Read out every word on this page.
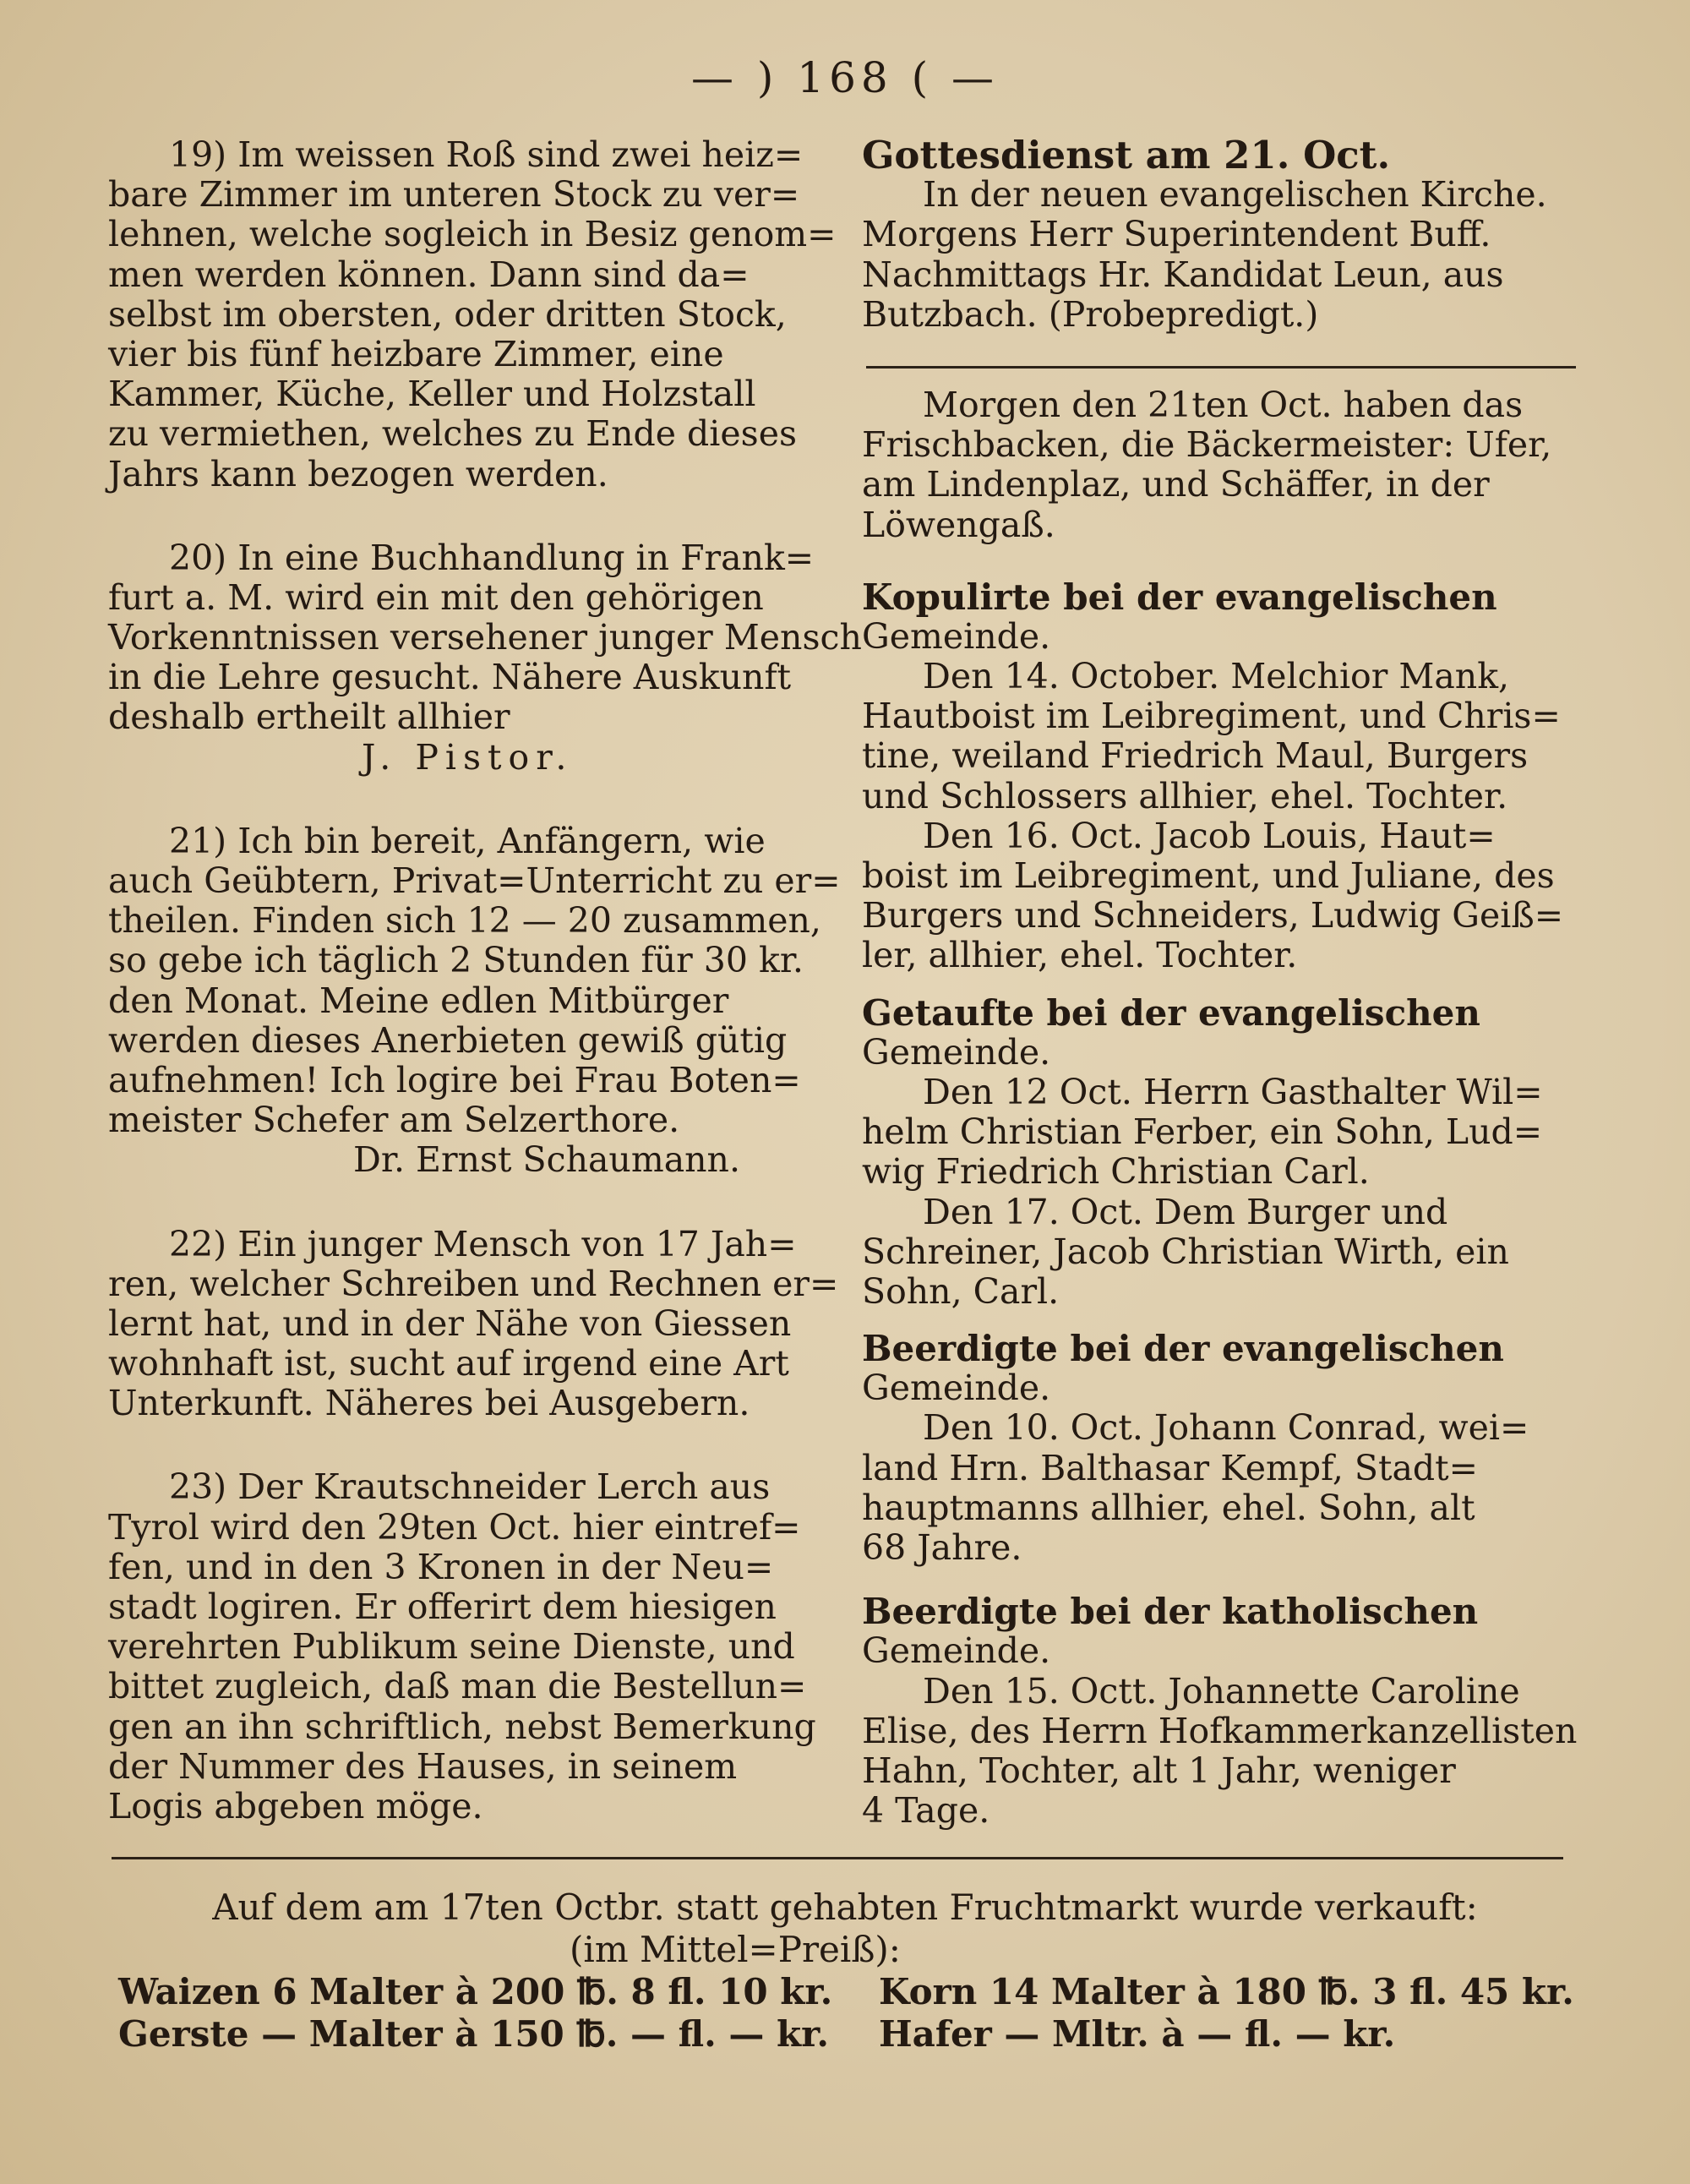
— ) 168 ( —
19) Im weissen Roß sind zwei heiz=
bare Zimmer im unteren Stock zu ver=
lehnen, welche sogleich in Besiz genom=
men werden können. Dann sind da=
selbst im obersten, oder dritten Stock,
vier bis fünf heizbare Zimmer, eine
Kammer, Küche, Keller und Holzstall
zu vermiethen, welches zu Ende dieses
Jahrs kann bezogen werden.
20) In eine Buchhandlung in Frank=
furt a. M. wird ein mit den gehörigen
Vorkenntnissen versehener junger Mensch
in die Lehre gesucht. Nähere Auskunft
deshalb ertheilt allhier
J. Pistor.
21) Ich bin bereit, Anfängern, wie
auch Geübtern, Privat=Unterricht zu er=
theilen. Finden sich 12 — 20 zusammen,
so gebe ich täglich 2 Stunden für 30 kr.
den Monat. Meine edlen Mitbürger
werden dieses Anerbieten gewiß gütig
aufnehmen! Ich logire bei Frau Boten=
meister Schefer am Selzerthore.
Dr. Ernst Schaumann.
22) Ein junger Mensch von 17 Jah=
ren, welcher Schreiben und Rechnen er=
lernt hat, und in der Nähe von Giessen
wohnhaft ist, sucht auf irgend eine Art
Unterkunft. Näheres bei Ausgebern.
23) Der Krautschneider Lerch aus
Tyrol wird den 29ten Oct. hier eintref=
fen, und in den 3 Kronen in der Neu=
stadt logiren. Er offerirt dem hiesigen
verehrten Publikum seine Dienste, und
bittet zugleich, daß man die Bestellun=
gen an ihn schriftlich, nebst Bemerkung
der Nummer des Hauses, in seinem
Logis abgeben möge.
Gottesdienst am 21. Oct.
In der neuen evangelischen Kirche.
Morgens Herr Superintendent Buff.
Nachmittags Hr. Kandidat Leun, aus
Butzbach. (Probepredigt.)
Morgen den 21ten Oct. haben das
Frischbacken, die Bäckermeister: Ufer,
am Lindenplaz, und Schäffer, in der
Löwengaß.
Kopulirte bei der evangelischen
Gemeinde.
Den 14. October. Melchior Mank,
Hautboist im Leibregiment, und Chris=
tine, weiland Friedrich Maul, Burgers
und Schlossers allhier, ehel. Tochter.
Den 16. Oct. Jacob Louis, Haut=
boist im Leibregiment, und Juliane, des
Burgers und Schneiders, Ludwig Geiß=
ler, allhier, ehel. Tochter.
Getaufte bei der evangelischen
Gemeinde.
Den 12 Oct. Herrn Gasthalter Wil=
helm Christian Ferber, ein Sohn, Lud=
wig Friedrich Christian Carl.
Den 17. Oct. Dem Burger und
Schreiner, Jacob Christian Wirth, ein
Sohn, Carl.
Beerdigte bei der evangelischen
Gemeinde.
Den 10. Oct. Johann Conrad, wei=
land Hrn. Balthasar Kempf, Stadt=
hauptmanns allhier, ehel. Sohn, alt
68 Jahre.
Beerdigte bei der katholischen
Gemeinde.
Den 15. Octt. Johannette Caroline
Elise, des Herrn Hofkammerkanzellisten
Hahn, Tochter, alt 1 Jahr, weniger
4 Tage.
Auf dem am 17ten Octbr. statt gehabten Fruchtmarkt wurde verkauft:
(im Mittel=Preiß):
Waizen 6 Malter à 200 ℔. 8 fl. 10 kr.	Korn 14 Malter à 180 ℔. 3 fl. 45 kr.
Gerste — Malter à 150 ℔. — fl. — kr.	Hafer — Mltr. à — fl. — kr.
